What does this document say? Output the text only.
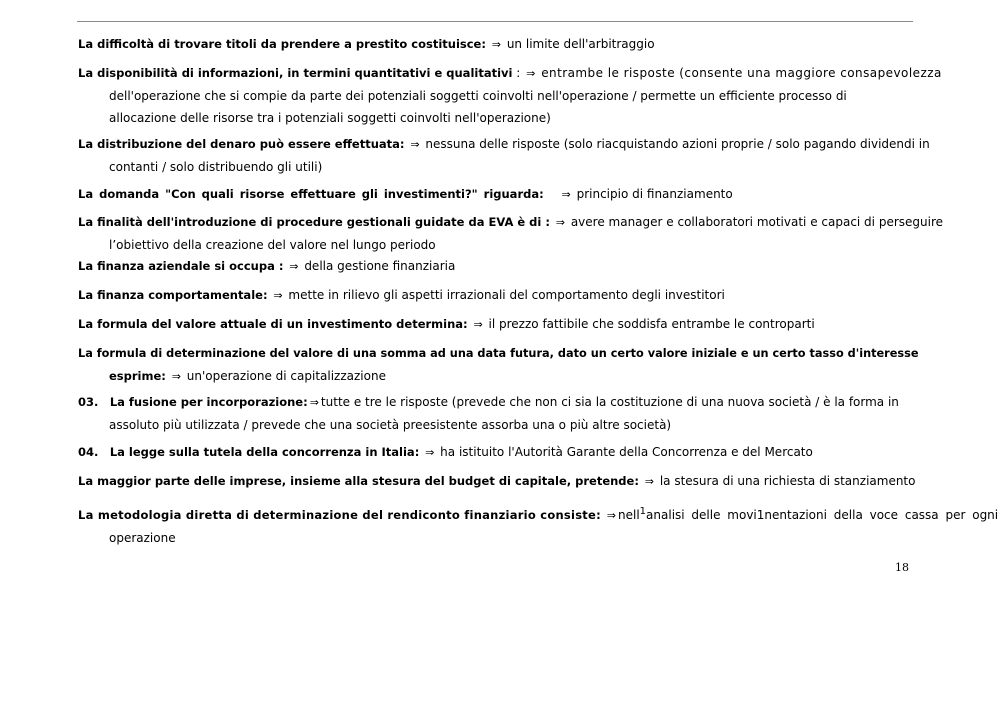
La difficoltà di trovare titoli da prendere a prestito costituisce: ⇒ un limite dell'arbitraggio
La disponibilità di informazioni, in termini quantitativi e qualitativi : ⇒ entrambe le risposte (consente una maggiore consapevolezza
dell'operazione che si compie da parte dei potenziali soggetti coinvolti nell'operazione / permette un efficiente processo di
allocazione delle risorse tra i potenziali soggetti coinvolti nell'operazione)
La distribuzione del denaro può essere effettuata: ⇒ nessuna delle risposte (solo riacquistando azioni proprie / solo pagando dividendi in
contanti / solo distribuendo gli utili)
La domanda "Con quali risorse effettuare gli investimenti?" riguarda: ⇒ principio di finanziamento
La finalità dell'introduzione di procedure gestionali guidate da EVA è di : ⇒ avere manager e collaboratori motivati e capaci di perseguire
l’obiettivo della creazione del valore nel lungo periodo
La finanza aziendale si occupa : ⇒ della gestione finanziaria
La finanza comportamentale: ⇒ mette in rilievo gli aspetti irrazionali del comportamento degli investitori
La formula del valore attuale di un investimento determina: ⇒ il prezzo fattibile che soddisfa entrambe le controparti
La formula di determinazione del valore di una somma ad una data futura, dato un certo valore iniziale e un certo tasso d'interesse
esprime: ⇒ un'operazione di capitalizzazione
03. La fusione per incorporazione: ⇒ tutte e tre le risposte (prevede che non ci sia la costituzione di una nuova società / è la forma in
assoluto più utilizzata / prevede che una società preesistente assorba una o più altre società)
04. La legge sulla tutela della concorrenza in Italia: ⇒ ha istituito l'Autorità Garante della Concorrenza e del Mercato
La maggior parte delle imprese, insieme alla stesura del budget di capitale, pretende: ⇒ la stesura di una richiesta di stanziamento
La metodologia diretta di determinazione del rendiconto finanziario consiste: ⇒ nell$^1$analisi delle movi1nentazioni della voce cassa per ogni
operazione
18
